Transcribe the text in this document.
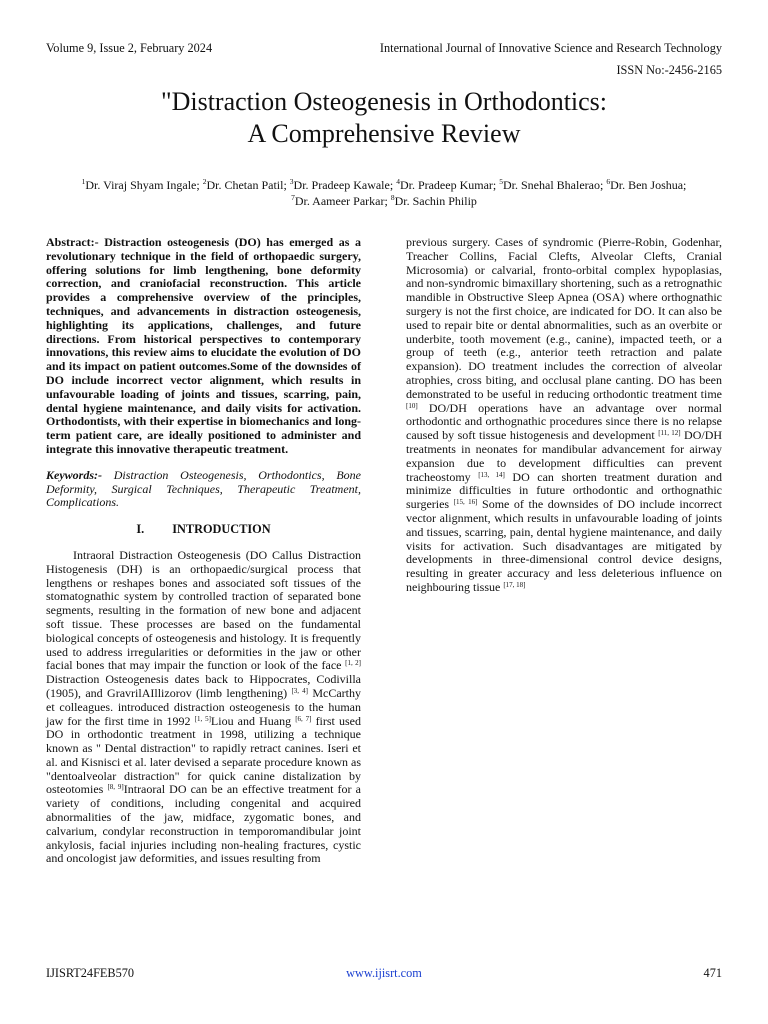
Volume 9, Issue 2, February 2024	International Journal of Innovative Science and Research Technology
ISSN No:-2456-2165
"Distraction Osteogenesis in Orthodontics:
A Comprehensive Review
$^1$Dr. Viraj Shyam Ingale; $^2$Dr. Chetan Patil; $^3$Dr. Pradeep Kawale; $^4$Dr. Pradeep Kumar; $^5$Dr. Snehal Bhalerao; $^6$Dr. Ben Joshua;
$^7$Dr. Aameer Parkar; $^8$Dr. Sachin Philip

Abstract:- Distraction osteogenesis (DO) has emerged as a revolutionary technique in the field of orthopaedic surgery, offering solutions for limb lengthening, bone deformity correction, and craniofacial reconstruction. This article provides a comprehensive overview of the principles, techniques, and advancements in distraction osteogenesis, highlighting its applications, challenges, and future directions. From historical perspectives to contemporary innovations, this review aims to elucidate the evolution of DO and its impact on patient outcomes.Some of the downsides of DO include incorrect vector alignment, which results in unfavourable loading of joints and tissues, scarring, pain, dental hygiene maintenance, and daily visits for activation. Orthodontists, with their expertise in biomechanics and long-term patient care, are ideally positioned to administer and integrate this innovative therapeutic treatment.

Keywords:- Distraction Osteogenesis, Orthodontics, Bone Deformity, Surgical Techniques, Therapeutic Treatment, Complications.

I. INTRODUCTION

Intraoral Distraction Osteogenesis (DO Callus Distraction Histogenesis (DH) is an orthopaedic/surgical process that lengthens or reshapes bones and associated soft tissues of the stomatognathic system by controlled traction of separated bone segments, resulting in the formation of new bone and adjacent soft tissue. These processes are based on the fundamental biological concepts of osteogenesis and histology. It is frequently used to address irregularities or deformities in the jaw or other facial bones that may impair the function or look of the face [1, 2] Distraction Osteogenesis dates back to Hippocrates, Codivilla (1905), and GravrilAIllizorov (limb lengthening) [3, 4] McCarthy et colleagues. introduced distraction osteogenesis to the human jaw for the first time in 1992 [1, 5]Liou and Huang [6, 7] first used DO in orthodontic treatment in 1998, utilizing a technique known as " Dental distraction" to rapidly retract canines. Iseri et al. and Kisnisci et al. later devised a separate procedure known as "dentoalveolar distraction" for quick canine distalization by osteotomies [8, 9]Intraoral DO can be an effective treatment for a variety of conditions, including congenital and acquired abnormalities of the jaw, midface, zygomatic bones, and calvarium, condylar reconstruction in temporomandibular joint ankylosis, facial injuries including non-healing fractures, cystic and oncologist jaw deformities, and issues resulting from

previous surgery. Cases of syndromic (Pierre-Robin, Godenhar, Treacher Collins, Facial Clefts, Alveolar Clefts, Cranial Microsomia) or calvarial, fronto-orbital complex hypoplasias, and non-syndromic bimaxillary shortening, such as a retrognathic mandible in Obstructive Sleep Apnea (OSA) where orthognathic surgery is not the first choice, are indicated for DO. It can also be used to repair bite or dental abnormalities, such as an overbite or underbite, tooth movement (e.g., canine), impacted teeth, or a group of teeth (e.g., anterior teeth retraction and palate expansion). DO treatment includes the correction of alveolar atrophies, cross biting, and occlusal plane canting. DO has been demonstrated to be useful in reducing orthodontic treatment time [10] DO/DH operations have an advantage over normal orthodontic and orthognathic procedures since there is no relapse caused by soft tissue histogenesis and development [11, 12] DO/DH treatments in neonates for mandibular advancement for airway expansion due to development difficulties can prevent tracheostomy [13, 14] DO can shorten treatment duration and minimize difficulties in future orthodontic and orthognathic surgeries [15, 16] Some of the downsides of DO include incorrect vector alignment, which results in unfavourable loading of joints and tissues, scarring, pain, dental hygiene maintenance, and daily visits for activation. Such disadvantages are mitigated by developments in three-dimensional control device designs, resulting in greater accuracy and less deleterious influence on neighbouring tissue [17, 18]

IJISRT24FEB570	www.ijisrt.com	471
